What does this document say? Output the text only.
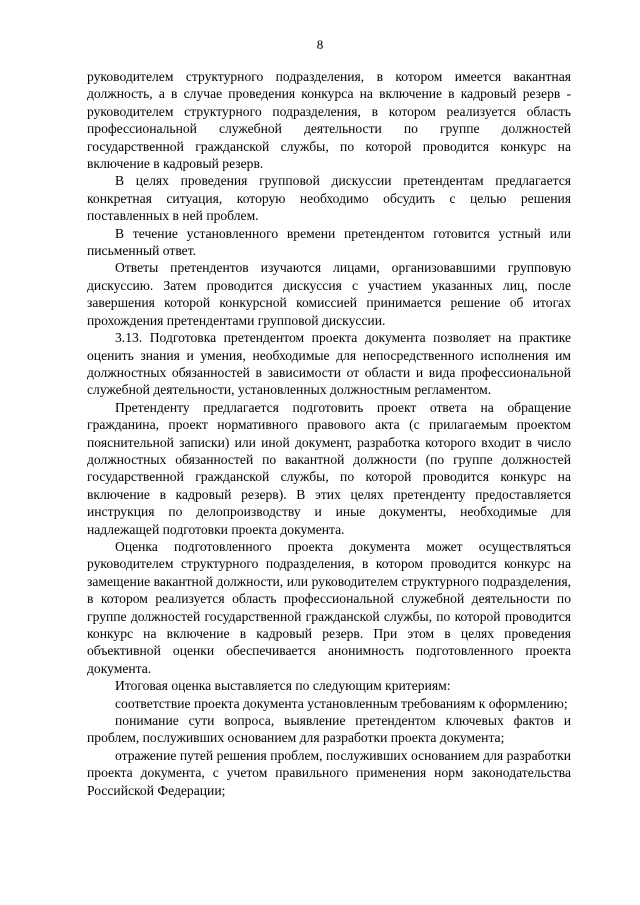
8

руководителем структурного подразделения, в котором имеется вакантная должность, а в случае проведения конкурса на включение в кадровый резерв - руководителем структурного подразделения, в котором реализуется область профессиональной служебной деятельности по группе должностей государственной гражданской службы, по которой проводится конкурс на включение в кадровый резерв.

В целях проведения групповой дискуссии претендентам предлагается конкретная ситуация, которую необходимо обсудить с целью решения поставленных в ней проблем.

В течение установленного времени претендентом готовится устный или письменный ответ.

Ответы претендентов изучаются лицами, организовавшими групповую дискуссию. Затем проводится дискуссия с участием указанных лиц, после завершения которой конкурсной комиссией принимается решение об итогах прохождения претендентами групповой дискуссии.

3.13. Подготовка претендентом проекта документа позволяет на практике оценить знания и умения, необходимые для непосредственного исполнения им должностных обязанностей в зависимости от области и вида профессиональной служебной деятельности, установленных должностным регламентом.

Претенденту предлагается подготовить проект ответа на обращение гражданина, проект нормативного правового акта (с прилагаемым проектом пояснительной записки) или иной документ, разработка которого входит в число должностных обязанностей по вакантной должности (по группе должностей государственной гражданской службы, по которой проводится конкурс на включение в кадровый резерв). В этих целях претенденту предоставляется инструкция по делопроизводству и иные документы, необходимые для надлежащей подготовки проекта документа.

Оценка подготовленного проекта документа может осуществляться руководителем структурного подразделения, в котором проводится конкурс на замещение вакантной должности, или руководителем структурного подразделения, в котором реализуется область профессиональной служебной деятельности по группе должностей государственной гражданской службы, по которой проводится конкурс на включение в кадровый резерв. При этом в целях проведения объективной оценки обеспечивается анонимность подготовленного проекта документа.

Итоговая оценка выставляется по следующим критериям:

соответствие проекта документа установленным требованиям к оформлению;

понимание сути вопроса, выявление претендентом ключевых фактов и проблем, послуживших основанием для разработки проекта документа;

отражение путей решения проблем, послуживших основанием для разработки проекта документа, с учетом правильного применения норм законодательства Российской Федерации;
